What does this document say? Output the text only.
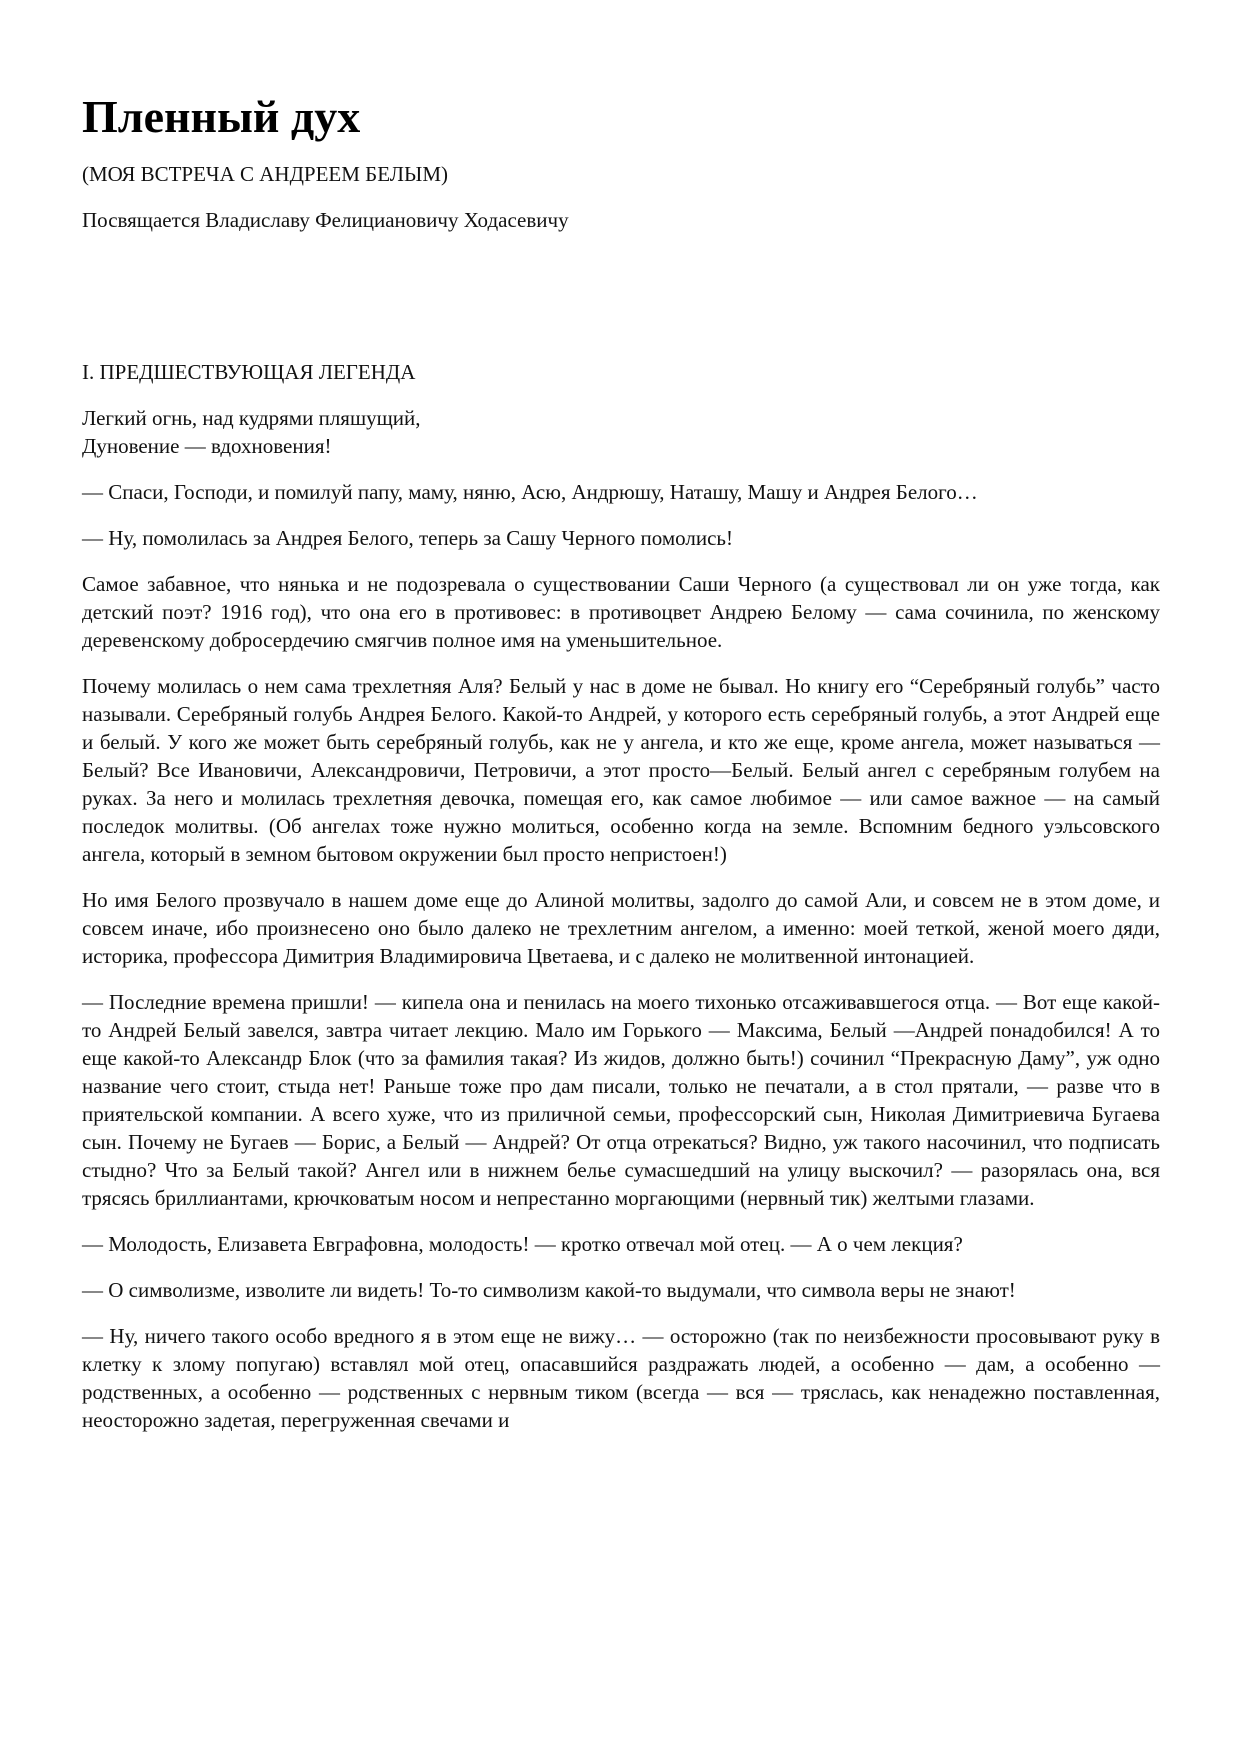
Пленный дух
(МОЯ ВСТРЕЧА С АНДРЕЕМ БЕЛЫМ)
Посвящается Владиславу Фелициановичу Ходасевичу
I. ПРЕДШЕСТВУЮЩАЯ ЛЕГЕНДА
Легкий огнь, над кудрями пляшущий,
Дуновение — вдохновения!

— Спаси, Господи, и помилуй папу, маму, няню, Асю, Андрюшу, Наташу, Машу и Андрея Белого…

— Ну, помолилась за Андрея Белого, теперь за Сашу Черного помолись!

Самое забавное, что нянька и не подозревала о существовании Саши Черного (а существовал ли он уже тогда, как детский поэт? 1916 год), что она его в противовес: в противоцвет Андрею Белому — сама сочинила, по женскому деревенскому добросердечию смягчив полное имя на уменьшительное.

Почему молилась о нем сама трехлетняя Аля? Белый у нас в доме не бывал. Но книгу его “Серебряный голубь” часто называли. Серебряный голубь Андрея Белого. Какой-то Андрей, у которого есть серебряный голубь, а этот Андрей еще и белый. У кого же может быть серебряный голубь, как не у ангела, и кто же еще, кроме ангела, может называться — Белый? Все Ивановичи, Александровичи, Петровичи, а этот просто—Белый. Белый ангел с серебряным голубем на руках. За него и молилась трехлетняя девочка, помещая его, как самое любимое — или самое важное — на самый последок молитвы. (Об ангелах тоже нужно молиться, особенно когда на земле. Вспомним бедного уэльсовского ангела, который в земном бытовом окружении был просто непристоен!)

Но имя Белого прозвучало в нашем доме еще до Алиной молитвы, задолго до самой Али, и совсем не в этом доме, и совсем иначе, ибо произнесено оно было далеко не трехлетним ангелом, а именно: моей теткой, женой моего дяди, историка, профессора Димитрия Владимировича Цветаева, и с далеко не молитвенной интонацией.

— Последние времена пришли! — кипела она и пенилась на моего тихонько отсаживавшегося отца. — Вот еще какой-то Андрей Белый завелся, завтра читает лекцию. Мало им Горького — Максима, Белый —Андрей понадобился! А то еще какой-то Александр Блок (что за фамилия такая? Из жидов, должно быть!) сочинил “Прекрасную Даму”, уж одно название чего стоит, стыда нет! Раньше тоже про дам писали, только не печатали, а в стол прятали, — разве что в приятельской компании. А всего хуже, что из приличной семьи, профессорский сын, Николая Димитриевича Бугаева сын. Почему не Бугаев — Борис, а Белый — Андрей? От отца отрекаться? Видно, уж такого насочинил, что подписать стыдно? Что за Белый такой? Ангел или в нижнем белье сумасшедший на улицу выскочил? — разорялась она, вся трясясь бриллиантами, крючковатым носом и непрестанно моргающими (нервный тик) желтыми глазами.

— Молодость, Елизавета Евграфовна, молодость! — кротко отвечал мой отец. — А о чем лекция?

— О символизме, изволите ли видеть! То-то символизм какой-то выдумали, что символа веры не знают!

— Ну, ничего такого особо вредного я в этом еще не вижу… — осторожно (так по неизбежности просовывают руку в клетку к злому попугаю) вставлял мой отец, опасавшийся раздражать людей, а особенно — дам, а особенно — родственных, а особенно — родственных с нервным тиком (всегда — вся — тряслась, как ненадежно поставленная, неосторожно задетая, перегруженная свечами и
